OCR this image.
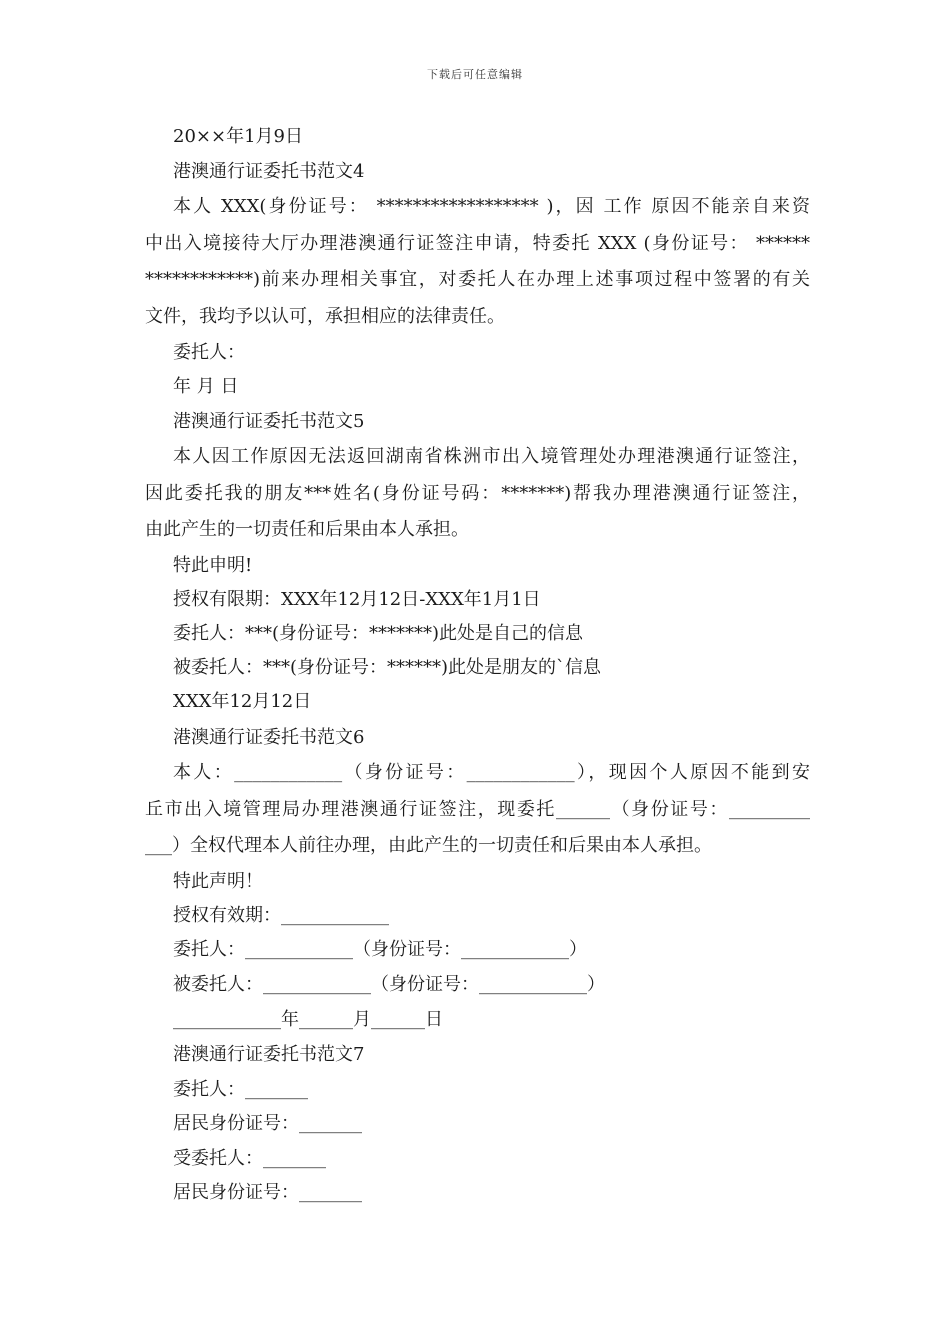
下载后可任意编辑
20××年1月9日
港澳通行证委托书范文4
本人 XXX(身份证号： ****************** )，因 工作 原因不能亲自来资
中出入境接待大厅办理港澳通行证签注申请，特委托 XXX (身份证号： ******
************)前来办理相关事宜，对委托人在办理上述事项过程中签署的有关
文件，我均予以认可，承担相应的法律责任。
委托人：
年 月 日
港澳通行证委托书范文5
本人因工作原因无法返回湖南省株洲市出入境管理处办理港澳通行证签注，
因此委托我的朋友***姓名(身份证号码：*******)帮我办理港澳通行证签注，
由此产生的一切责任和后果由本人承担。
特此申明!
授权有限期：XXX年12月12日-XXX年1月1日
委托人：***(身份证号：*******)此处是自己的信息
被委托人：***(身份证号：******)此处是朋友的`信息
XXX年12月12日
港澳通行证委托书范文6
本人：____________（身份证号：____________），现因个人原因不能到安
丘市出入境管理局办理港澳通行证签注，现委托______（身份证号：_________
___）全权代理本人前往办理，由此产生的一切责任和后果由本人承担。
特此声明！
授权有效期：____________
委托人：____________（身份证号：____________）
被委托人：____________（身份证号：____________）
____________年______月______日
港澳通行证委托书范文7
委托人：_______
居民身份证号：_______
受委托人：_______
居民身份证号：_______
